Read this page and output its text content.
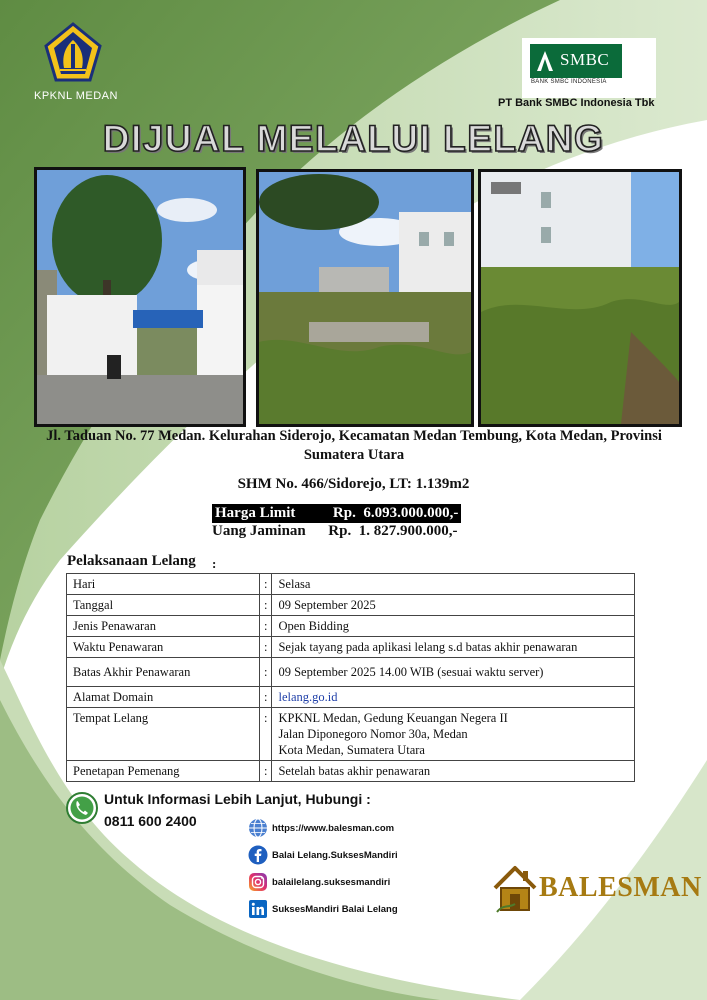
KPKNL MEDAN
SMBC
BANK SMBC INDONESIA
PT Bank SMBC Indonesia Tbk
DIJUAL MELALUI LELANG
Jl. Taduan No. 77 Medan. Kelurahan Siderojo, Kecamatan Medan Tembung, Kota Medan, Provinsi Sumatera Utara
SHM No. 466/Sidorejo, LT: 1.139m2
Harga Limit          Rp.  6.093.000.000,-
Uang Jaminan      Rp.  1. 827.900.000,-
Pelaksanaan Lelang :
Hari	:	Selasa
Tanggal	:	09 September 2025
Jenis Penawaran	:	Open Bidding
Waktu Penawaran	:	Sejak tayang pada aplikasi lelang s.d batas akhir penawaran
Batas Akhir Penawaran	:	09 September 2025 14.00 WIB (sesuai waktu server)
Alamat Domain	:	lelang.go.id
Tempat Lelang	:	KPKNL Medan, Gedung Keuangan Negera II
Jalan Diponegoro Nomor 30a, Medan
Kota Medan, Sumatera Utara

Penetapan Pemenang	:	Setelah batas akhir penawaran
Untuk Informasi Lebih Lanjut, Hubungi :
0811 600 2400	https://www.balesman.com
Balai Lelang.SuksesMandiri
balailelang.suksesmandiri
SuksesMandiri Balai Lelang
BALESMAN
